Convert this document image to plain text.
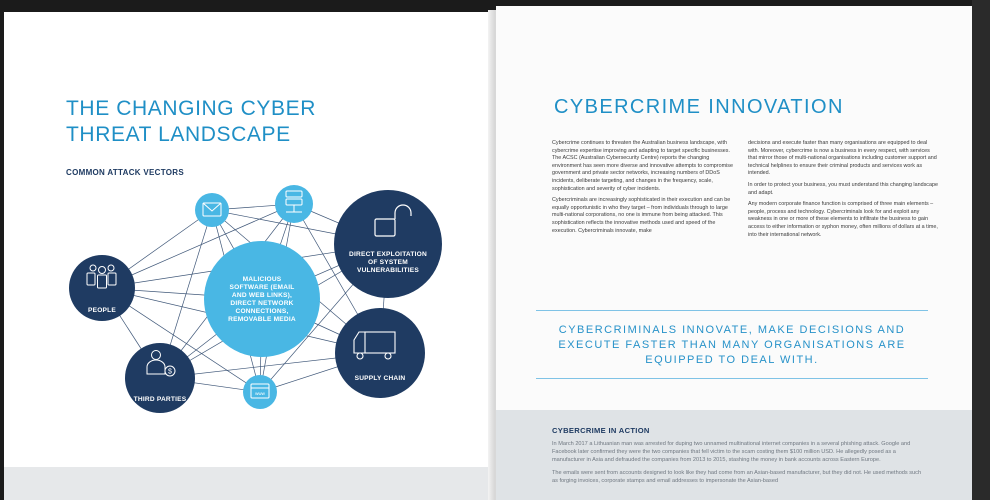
THE CHANGING CYBER
THREAT LANDSCAPE
COMMON ATTACK VECTORS
PEOPLE
DIRECT EXPLOITATION
OF SYSTEM
VULNERABILITIES
MALICIOUS
SOFTWARE (EMAIL
AND WEB LINKS),
DIRECT NETWORK
CONNECTIONS,
REMOVABLE MEDIA
SUPPLY CHAIN
$
THIRD PARTIES
www
CYBERCRIME INNOVATION

Cybercrime continues to threaten the Australian business landscape, with cybercrime expertise improving and adapting to target specific businesses. The ACSC (Australian Cybersecurity Centre) reports the changing environment has seen more diverse and innovative attempts to compromise government and private sector networks, increasing numbers of DDoS incidents, deliberate targeting, and changes in the frequency, scale, sophistication and severity of cyber incidents.

Cybercriminals are increasingly sophisticated in their execution and can be equally opportunistic in who they target – from individuals through to large multi-national corporations, no one is immune from being attacked. This sophistication reflects the innovative methods used and speed of the execution. Cybercriminals innovate, make

decisions and execute faster than many organisations are equipped to deal with. Moreover, cybercrime is now a business in every respect, with services that mirror those of multi-national organisations including customer support and technical helplines to ensure their criminal products and services work as intended.

In order to protect your business, you must understand this changing landscape and adapt.

Any modern corporate finance function is comprised of three main elements – people, process and technology. Cybercriminals look for and exploit any weakness in one or more of these elements to infiltrate the business to gain access to either information or syphon money, often millions of dollars at a time, into their international network.

CYBERCRIMINALS INNOVATE, MAKE DECISIONS AND
EXECUTE FASTER THAN MANY ORGANISATIONS ARE
EQUIPPED TO DEAL WITH.

CYBERCRIME IN ACTION

In March 2017 a Lithuanian man was arrested for duping two unnamed multinational internet companies in a several phishing attack. Google and Facebook later confirmed they were the two companies that fell victim to the scam costing them $100 million USD. He allegedly posed as a manufacturer in Asia and defrauded the companies from 2013 to 2015, stashing the money in bank accounts across Eastern Europe.

The emails were sent from accounts designed to look like they had come from an Asian-based manufacturer, but they did not. He used methods such as forging invoices, corporate stamps and email addresses to impersonate the Asian-based
